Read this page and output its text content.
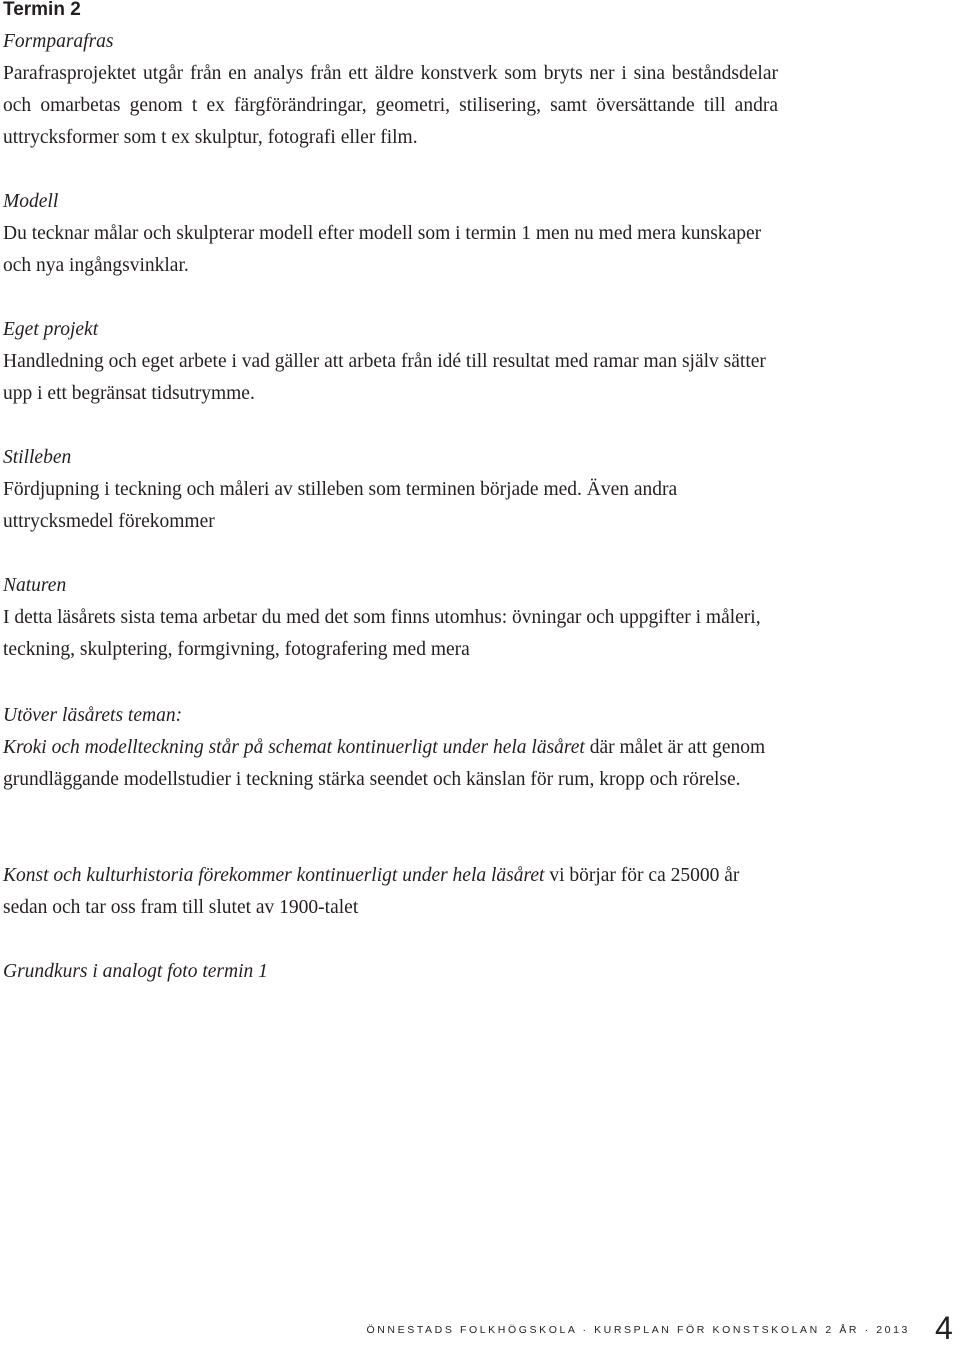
Termin 2
Formparafras

Parafrasprojektet utgår från en analys från ett äldre konstverk som bryts ner i sina beståndsdelar och omarbetas genom t ex färgförändringar, geometri, stilisering, samt översättande till andra uttrycksformer som t ex skulptur, fotografi eller film.

Modell

Du tecknar målar och skulpterar modell efter modell som i termin 1 men nu med mera kunskaper och nya ingångsvinklar.

Eget projekt

Handledning och eget arbete i vad gäller att arbeta från idé till resultat med ramar man själv sätter upp i ett begränsat tidsutrymme.

Stilleben

Fördjupning i teckning och måleri av stilleben som terminen började med. Även andra uttrycksmedel förekommer

Naturen

I detta läsårets sista tema arbetar du med det som finns utomhus: övningar och uppgifter i måleri, teckning, skulptering, formgivning, fotografering med mera

Utöver läsårets teman:

Kroki och modellteckning står på schemat kontinuerligt under hela läsåret där målet är att genom grundläggande modellstudier i teckning stärka seendet och känslan för rum, kropp och rörelse.

Konst och kulturhistoria förekommer kontinuerligt under hela läsåret vi börjar för ca 25000 år sedan och tar oss fram till slutet av 1900-talet

Grundkurs i analogt foto termin 1
ÖNNESTADS FOLKHÖGSKOLA · KURSPLAN FÖR KONSTSKOLAN 2 ÅR · 2013 4
